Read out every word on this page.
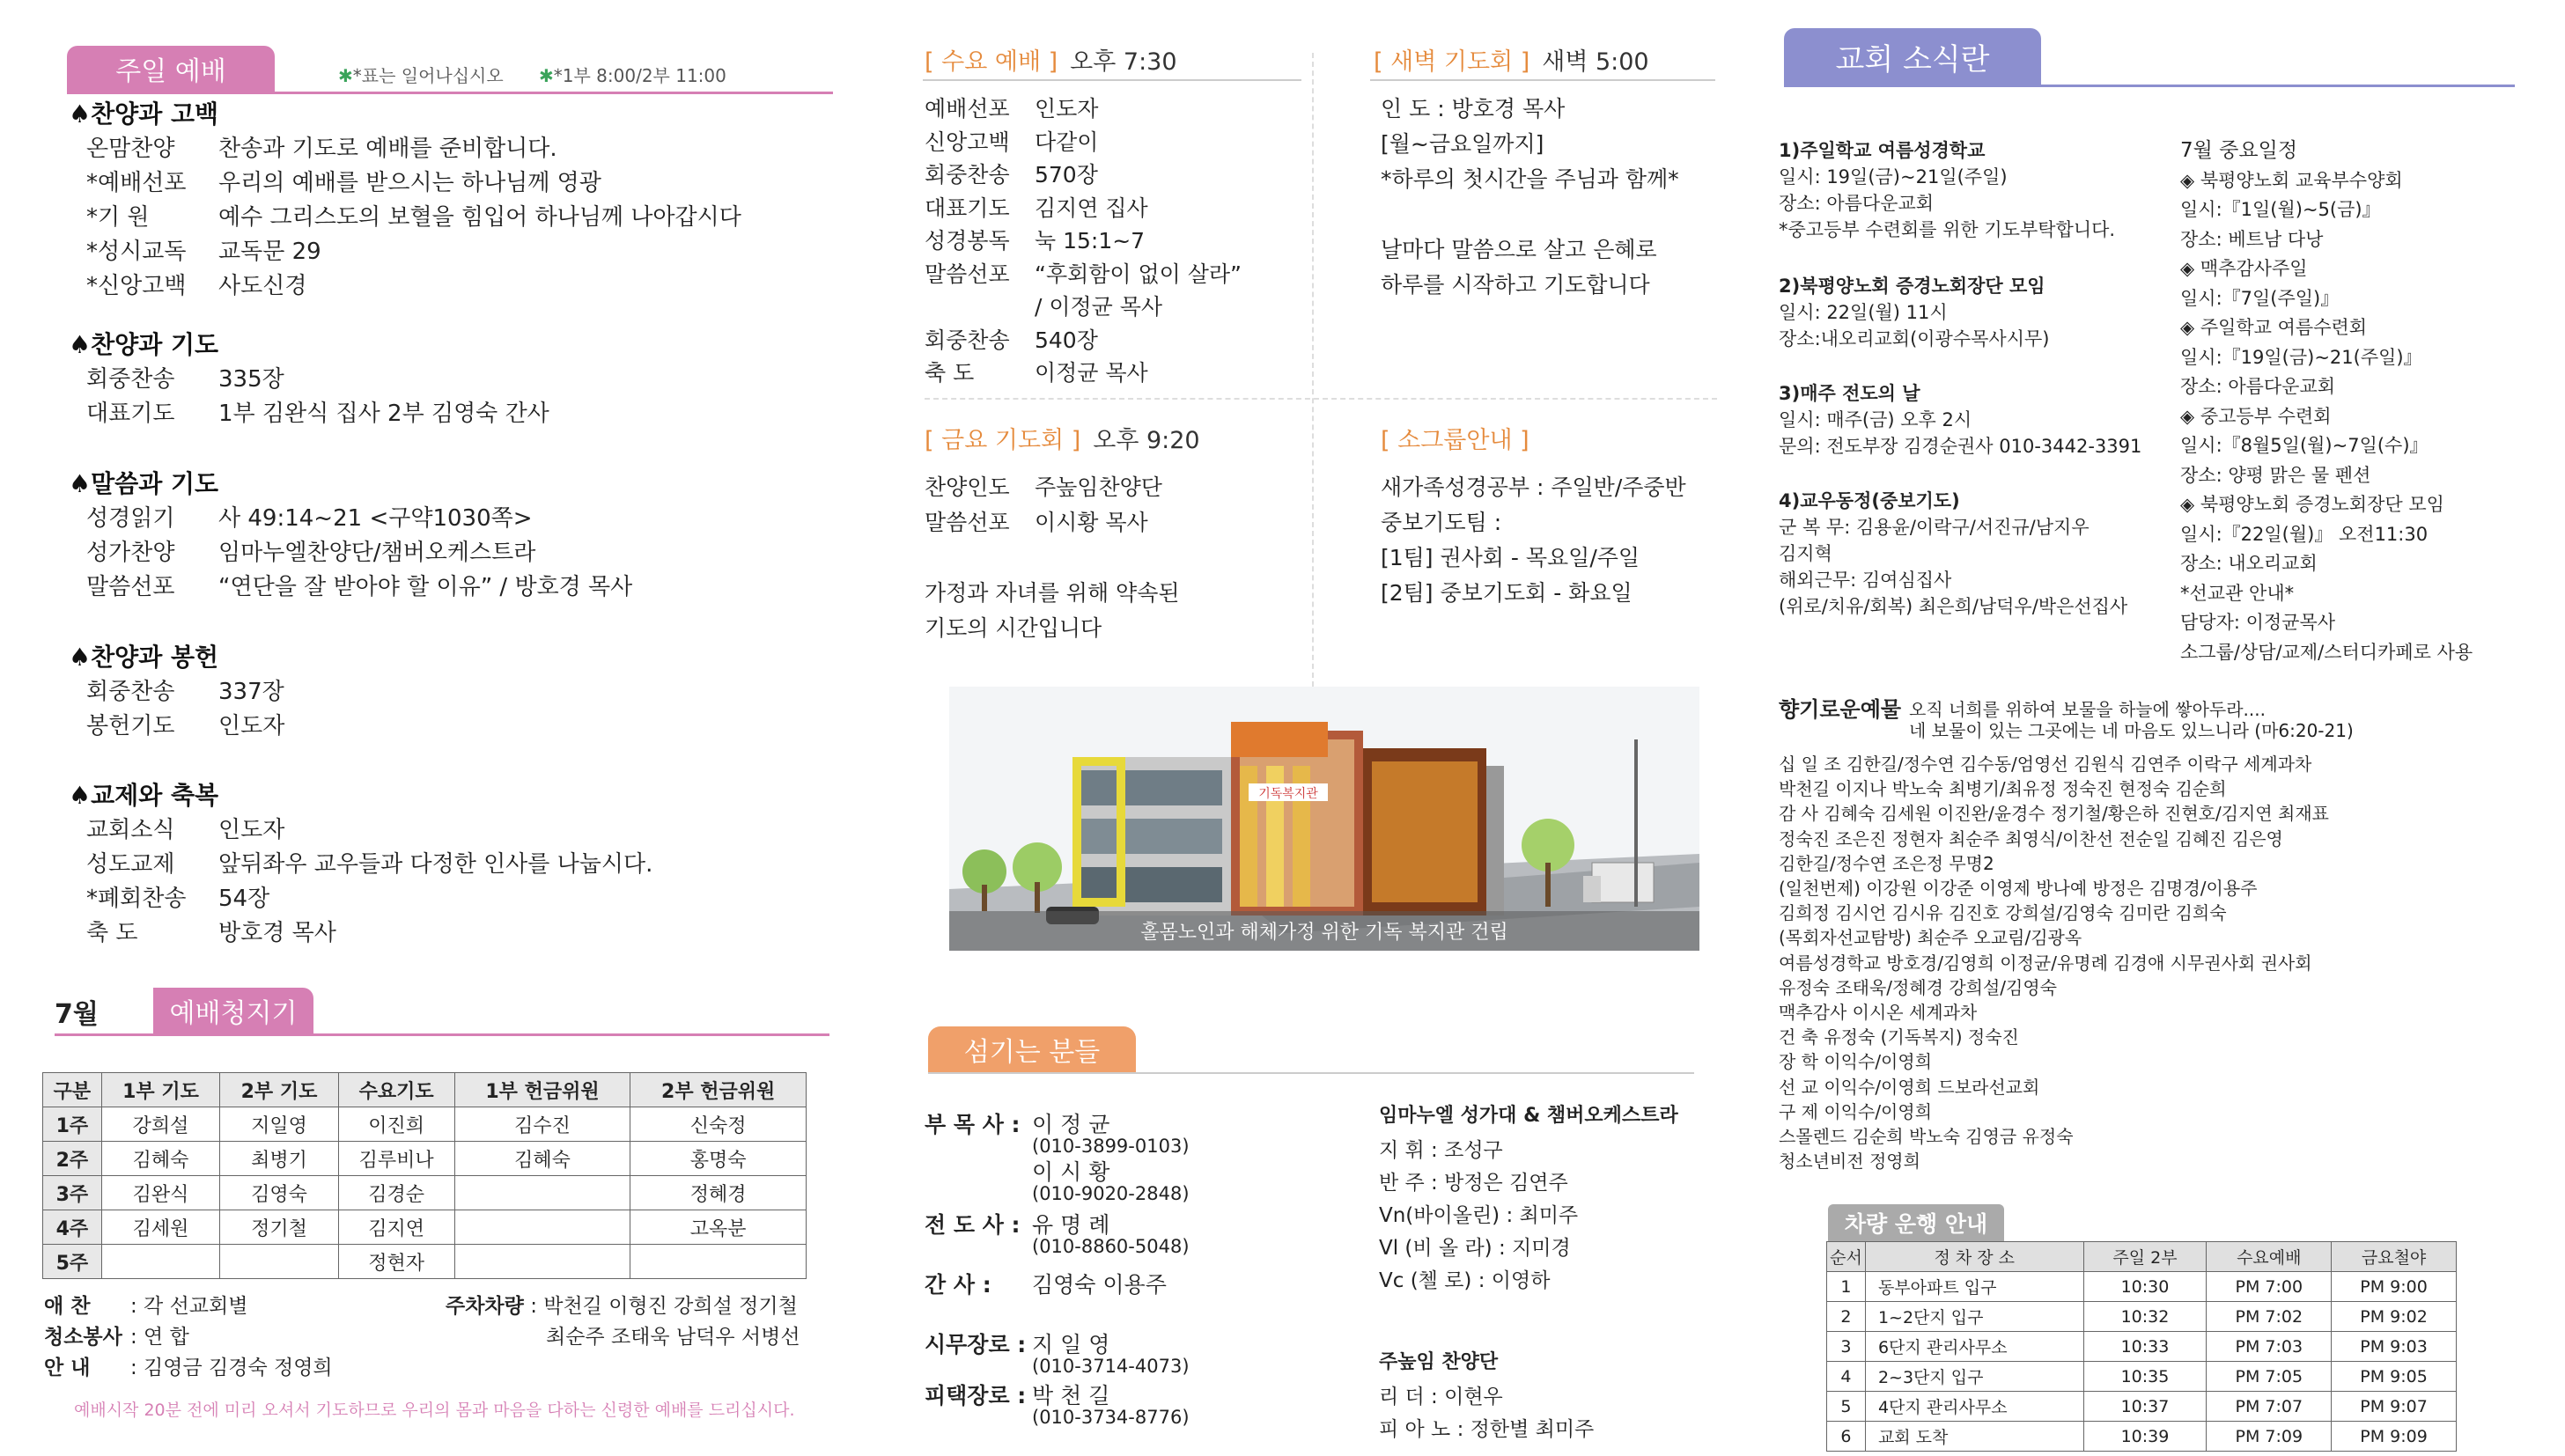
주일 예배	✱*표는 일어나십시오 ✱*1부 8:00/2부 11:00
♠찬양과 고백
온맘찬양 찬송과 기도로 예배를 준비합니다.
*예배선포 우리의 예배를 받으시는 하나님께 영광
*기 원	예수 그리스도의 보혈을 힘입어 하나님께 나아갑시다
*성시교독 교독문 29
*신앙고백 사도신경
♠찬양과 기도
회중찬송 335장
대표기도 1부 김완식 집사 2부 김영숙 간사
♠말씀과 기도
성경읽기 사 49:14~21 <구약1030쪽>
성가찬양 임마누엘찬양단/챔버오케스트라
말씀선포 “연단을 잘 받아야 할 이유” / 방호경 목사
♠찬양과 봉헌
회중찬송 337장
봉헌기도 인도자
♠교제와 축복
교회소식 인도자
성도교제 앞뒤좌우 교우들과 다정한 인사를 나눕시다.
*폐회찬송 54장
축 도	방호경 목사
7월	예배청지기
구분	1부 기도	2부 기도	수요기도	1부 헌금위원	2부 헌금위원
1주	강희설	지일영	이진희	김수진	신숙정
2주	김혜숙	최병기	김루비나	김혜숙	홍명숙
3주	김완식	김영숙	김경순		정혜경
4주	김세원	정기철	김지연		고옥분
5주			정현자		
애 찬 : 각 선교회별
청소봉사 : 연 합
안 내 : 김영금 김경숙 정영희
주차차량 : 박천길 이형진 강희설 정기철
최순주 조태욱 남덕우 서병선
예배시작 20분 전에 미리 오셔서 기도하므로 우리의 몸과 마음을 다하는 신령한 예배를 드리십시다.
[ 수요 예배 ] 오후 7:30
예배선포 인도자
신앙고백 다같이
회중찬송 570장
대표기도 김지연 집사
성경봉독 눅 15:1~7
말씀선포 “후회함이 없이 살라”
/ 이정균 목사
회중찬송 540장
축 도	이정균 목사
[ 새벽 기도회 ] 새벽 5:00
인 도 : 방호경 목사
[월~금요일까지]
*하루의 첫시간을 주님과 함께*
날마다 말씀으로 살고 은혜로
하루를 시작하고 기도합니다
[ 금요 기도회 ] 오후 9:20
찬양인도 주높임찬양단
말씀선포 이시황 목사
가정과 자녀를 위해 약속된
기도의 시간입니다
[ 소그룹안내 ]
새가족성경공부 : 주일반/주중반
중보기도팀 :
[1팀] 권사회 - 목요일/주일
[2팀] 중보기도회 - 화요일
기독복지관
홀몸노인과 해체가정 위한 기독 복지관 건립
섬기는 분들
부 목 사 : 이 정 균
(010-3899-0103)
이 시 황
(010-9020-2848)
전 도 사 : 유 명 례
(010-8860-5048)
간 사 : 김영숙 이용주
시무장로 : 지 일 영
(010-3714-4073)
피택장로 : 박 천 길
(010-3734-8776)
임마누엘 성가대 & 챔버오케스트라
지 휘 : 조성구
반 주 : 방정은 김연주
Vn(바이올린) : 최미주
Vl (비 올 라) : 지미경
Vc (첼 로) : 이영하
주높임 찬양단
리 더 : 이현우
피 아 노 : 정한별 최미주
교회 소식란
1)주일학교 여름성경학교
일시: 19일(금)~21일(주일)
장소: 아름다운교회
*중고등부 수련회를 위한 기도부탁합니다.
2)북평양노회 증경노회장단 모임
일시: 22일(월) 11시
장소:내오리교회(이광수목사시무)
3)매주 전도의 날
일시: 매주(금) 오후 2시
문의: 전도부장 김경순권사 010-3442-3391
4)교우동정(중보기도)
군 복 무: 김용윤/이락구/서진규/남지우
김지혁
해외근무: 김여심집사
(위로/치유/회복) 최은희/남덕우/박은선집사
7월 중요일정
◈ 북평양노회 교육부수양회
일시:『1일(월)~5(금)』
장소: 베트남 다낭
◈ 맥추감사주일
일시:『7일(주일)』
◈ 주일학교 여름수련회
일시:『19일(금)~21(주일)』
장소: 아름다운교회
◈ 중고등부 수련회
일시:『8월5일(월)~7일(수)』
장소: 양평 맑은 물 펜션
◈ 북평양노회 증경노회장단 모임
일시:『22일(월)』 오전11:30
장소: 내오리교회
*선교관 안내*
담당자: 이정균목사
소그룹/상담/교제/스터디카페로 사용
향기로운예물 오직 너희를 위하여 보물을 하늘에 쌓아두라....
네 보물이 있는 그곳에는 네 마음도 있느니라 (마6:20-21)
십 일 조 김한길/정수연 김수동/엄영선 김원식 김연주 이락구 세계과차
박천길 이지나 박노숙 최병기/최유정 정숙진 현정숙 김순희
감 사 김혜숙 김세원 이진완/윤경수 정기철/황은하 진현호/김지연 최재표
정숙진 조은진 정현자 최순주 최영식/이찬선 전순일 김혜진 김은영
김한길/정수연 조은정 무명2
(일천번제) 이강원 이강준 이영제 방나예 방정은 김명경/이용주
김희정 김시언 김시유 김진호 강희설/김영숙 김미란 김희숙
(목회자선교탐방) 최순주 오교림/김광옥
여름성경학교 방호경/김영희 이정균/유명례 김경애 시무권사회 권사회
유정숙 조태욱/정혜경 강희설/김영숙
맥추감사 이시온 세계과차
건 축 유정숙 (기독복지) 정숙진
장 학 이익수/이영희
선 교 이익수/이영희 드보라선교회
구 제 이익수/이영희
스몰렌드 김순희 박노숙 김영금 유정숙
청소년비전 정영희
차량 운행 안내
순서	정 차 장 소	주일 2부	수요예배	금요철야
1	동부아파트 입구	10:30	PM 7:00	PM 9:00
2	1~2단지 입구	10:32	PM 7:02	PM 9:02
3	6단지 관리사무소	10:33	PM 7:03	PM 9:03
4	2~3단지 입구	10:35	PM 7:05	PM 9:05
5	4단지 관리사무소	10:37	PM 7:07	PM 9:07
6	교회 도착	10:39	PM 7:09	PM 9:09
